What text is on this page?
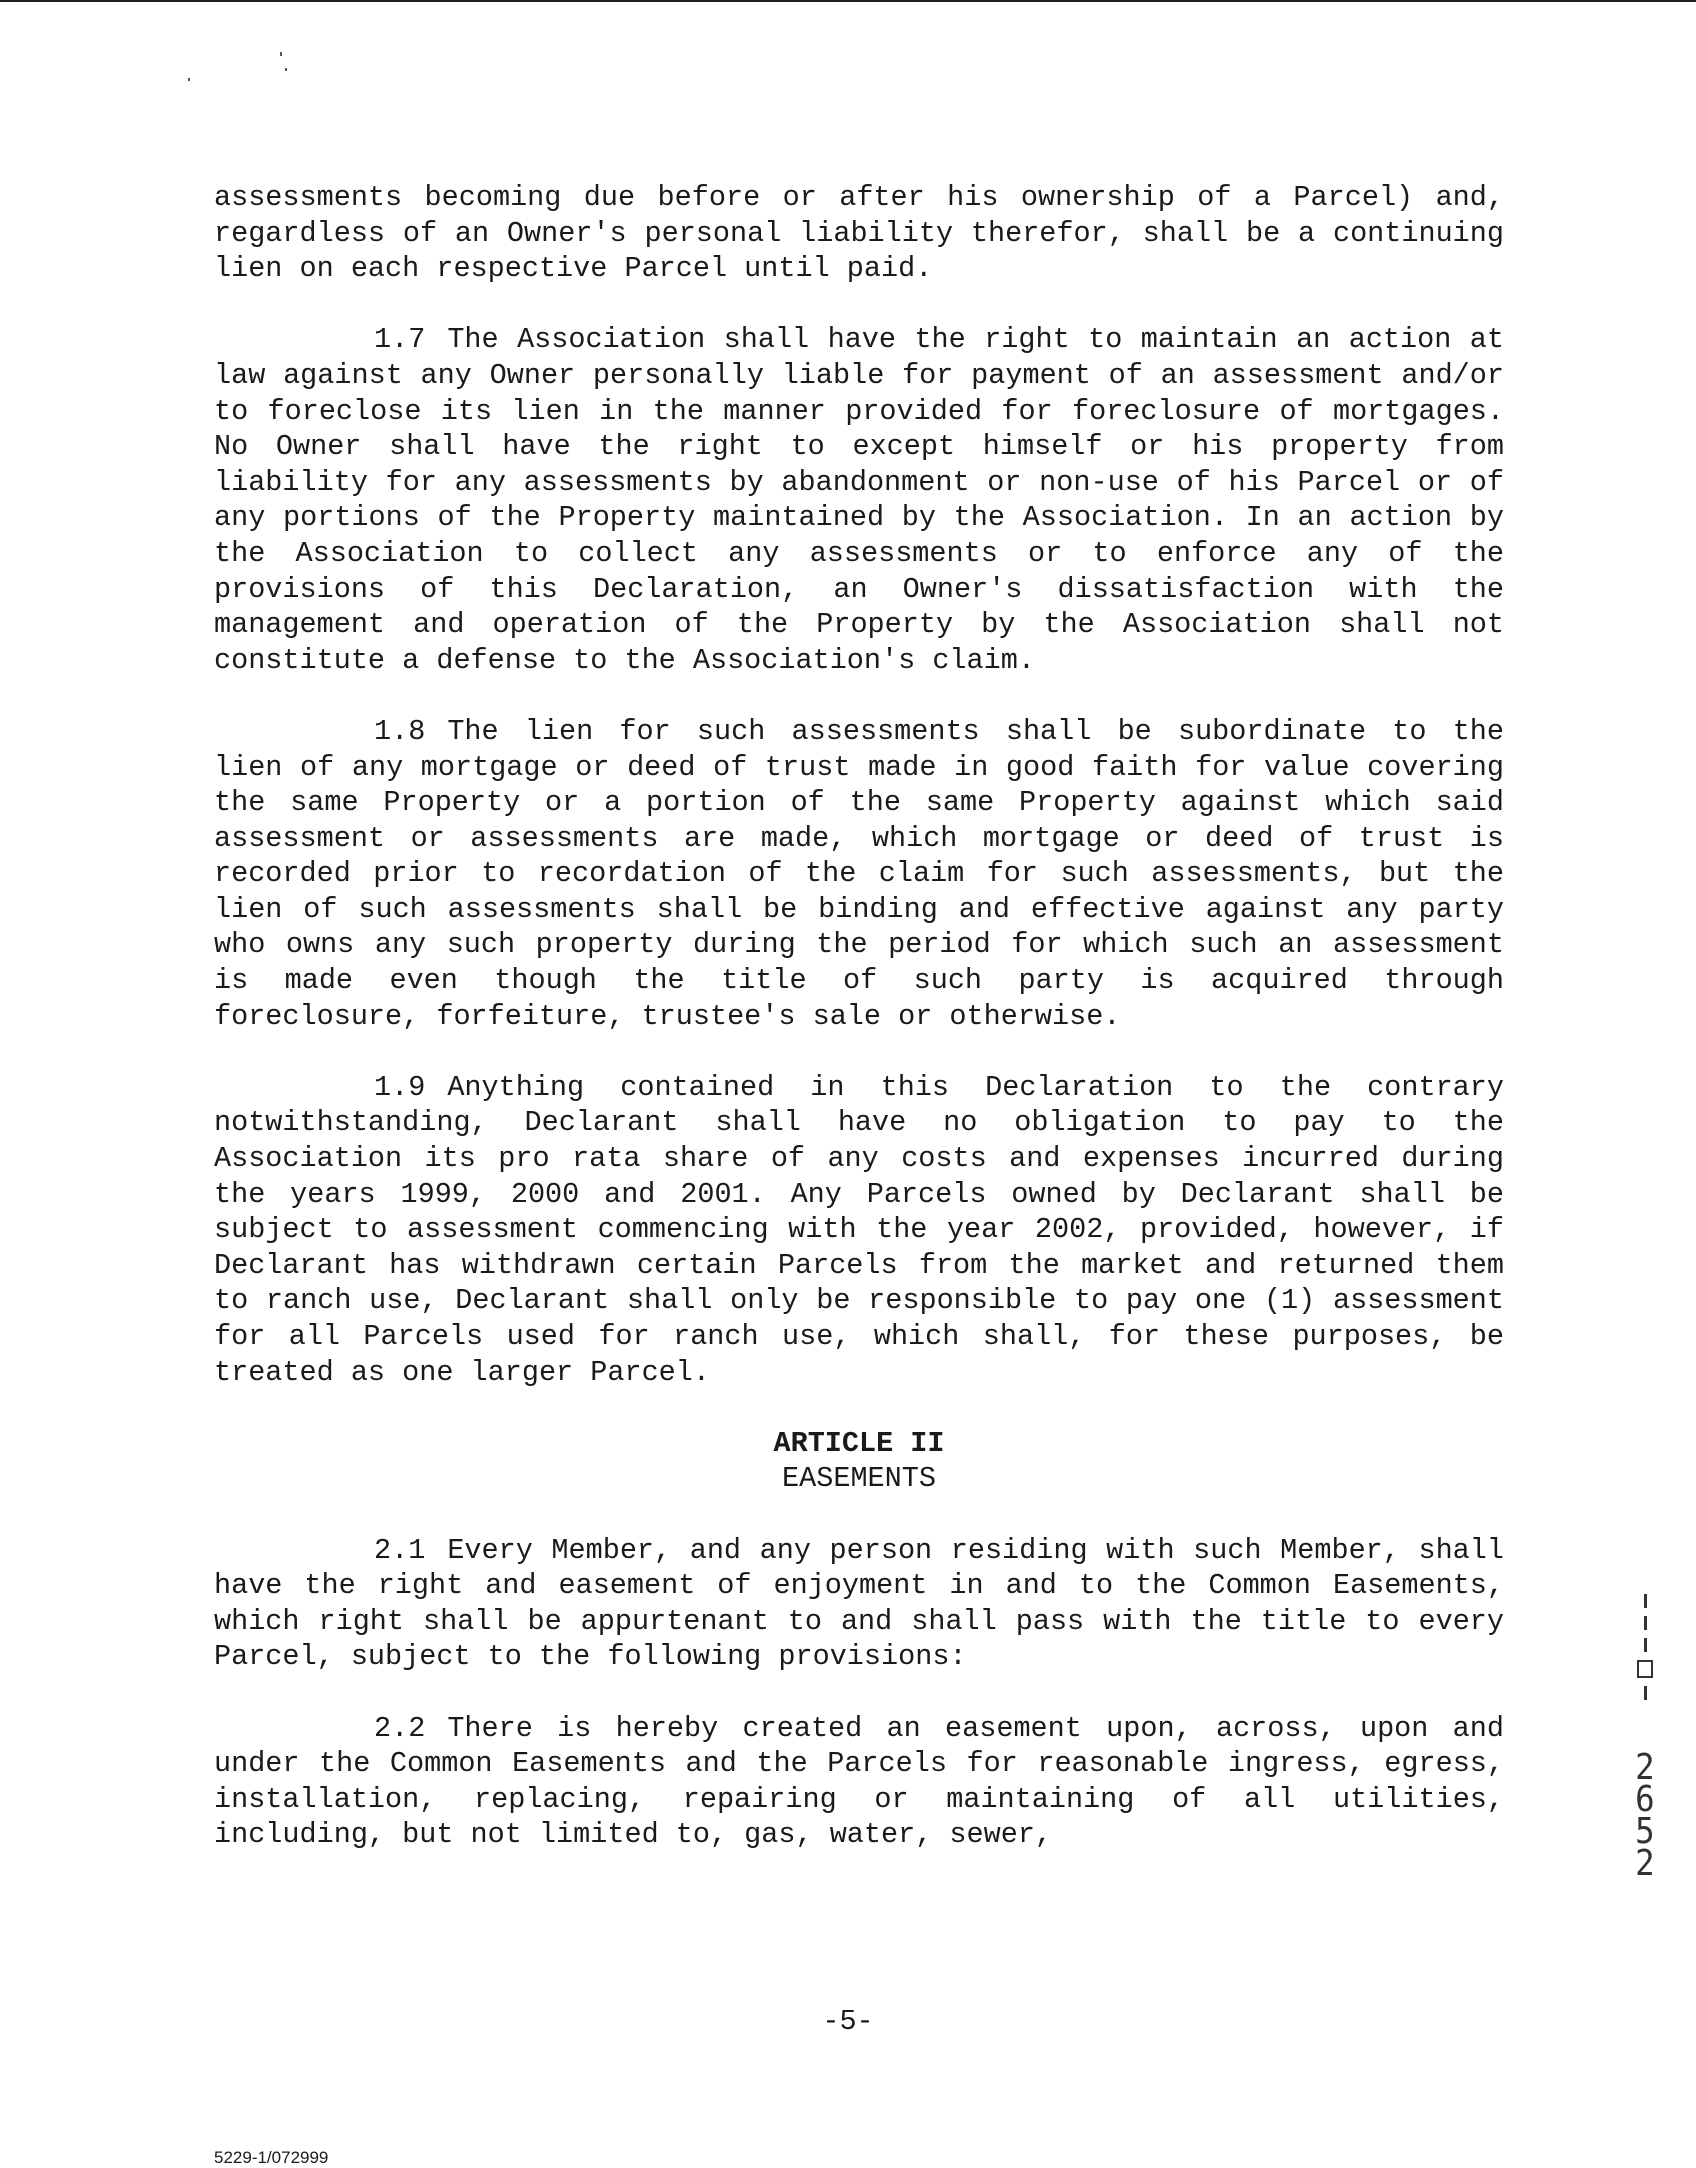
assessments becoming due before or after his ownership of a Parcel) and, regardless of an Owner's personal liability therefor, shall be a continuing lien on each respective Parcel until paid.

1.7 The Association shall have the right to maintain an action at law against any Owner personally liable for payment of an assessment and/or to foreclose its lien in the manner provided for foreclosure of mortgages. No Owner shall have the right to except himself or his property from liability for any assessments by abandonment or non-use of his Parcel or of any portions of the Property maintained by the Association. In an action by the Association to collect any assessments or to enforce any of the provisions of this Declaration, an Owner's dissatisfaction with the management and operation of the Property by the Association shall not constitute a defense to the Association's claim.

1.8 The lien for such assessments shall be subordinate to the lien of any mortgage or deed of trust made in good faith for value covering the same Property or a portion of the same Property against which said assessment or assessments are made, which mortgage or deed of trust is recorded prior to recordation of the claim for such assessments, but the lien of such assessments shall be binding and effective against any party who owns any such property during the period for which such an assessment is made even though the title of such party is acquired through foreclosure, forfeiture, trustee's sale or otherwise.

1.9 Anything contained in this Declaration to the contrary notwithstanding, Declarant shall have no obligation to pay to the Association its pro rata share of any costs and expenses incurred during the years 1999, 2000 and 2001. Any Parcels owned by Declarant shall be subject to assessment commencing with the year 2002, provided, however, if Declarant has withdrawn certain Parcels from the market and returned them to ranch use, Declarant shall only be responsible to pay one (1) assessment for all Parcels used for ranch use, which shall, for these purposes, be treated as one larger Parcel.

ARTICLE II
EASEMENTS

2.1 Every Member, and any person residing with such Member, shall have the right and easement of enjoyment in and to the Common Easements, which right shall be appurtenant to and shall pass with the title to every Parcel, subject to the following provisions:

2.2 There is hereby created an easement upon, across, upon and under the Common Easements and the Parcels for reasonable ingress, egress, installation, replacing, repairing or maintaining of all utilities, including, but not limited to, gas, water, sewer,

-5-
5229-1/072999
2
6
5
2
